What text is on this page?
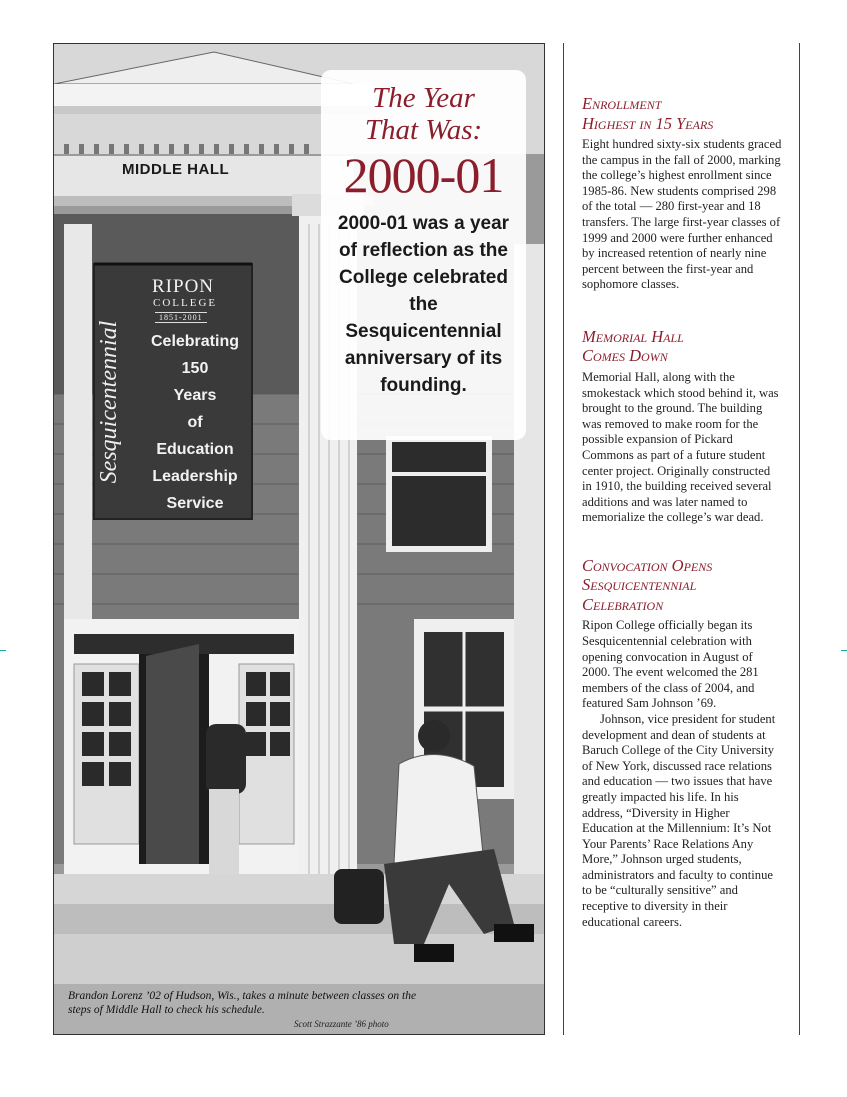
MIDDLE HALL
Sesquicentennial
RIPON
COLLEGE
1851-2001
Celebrating
150
Years
of
Education
Leadership
Service
The Year
That Was:
2000-01
2000-01 was a year of reflection as the College celebrated the Sesquicentennial anniversary of its founding.
Brandon Lorenz ’02 of Hudson, Wis., takes a minute between classes on the steps of Middle Hall to check his schedule.
Scott Strazzante ’86 photo
Enrollment
Highest in 15 Years
Eight hundred sixty-six students graced the campus in the fall of 2000, marking the college’s highest enrollment since 1985-86. New students comprised 298 of the total — 280 first-year and 18 transfers. The large first-year classes of 1999 and 2000 were further enhanced by increased retention of nearly nine percent between the first-year and sophomore classes.
Memorial Hall
Comes Down
Memorial Hall, along with the smokestack which stood behind it, was brought to the ground. The building was removed to make room for the possible expansion of Pickard Commons as part of a future student center project. Originally constructed in 1910, the building received several additions and was later named to memorialize the college’s war dead.
Convocation Opens
Sesquicentennial
Celebration
Ripon College officially began its Sesquicentennial celebration with opening convocation in August of 2000. The event welcomed the 281 members of the class of 2004, and featured Sam Johnson ’69.
Johnson, vice president for student development and dean of students at Baruch College of the City University of New York, discussed race relations and education — two issues that have greatly impacted his life. In his address, “Diversity in Higher Education at the Millennium: It’s Not Your Parents’ Race Relations Any More,” Johnson urged students, administrators and faculty to continue to be “culturally sensitive” and receptive to diversity in their educational careers.
